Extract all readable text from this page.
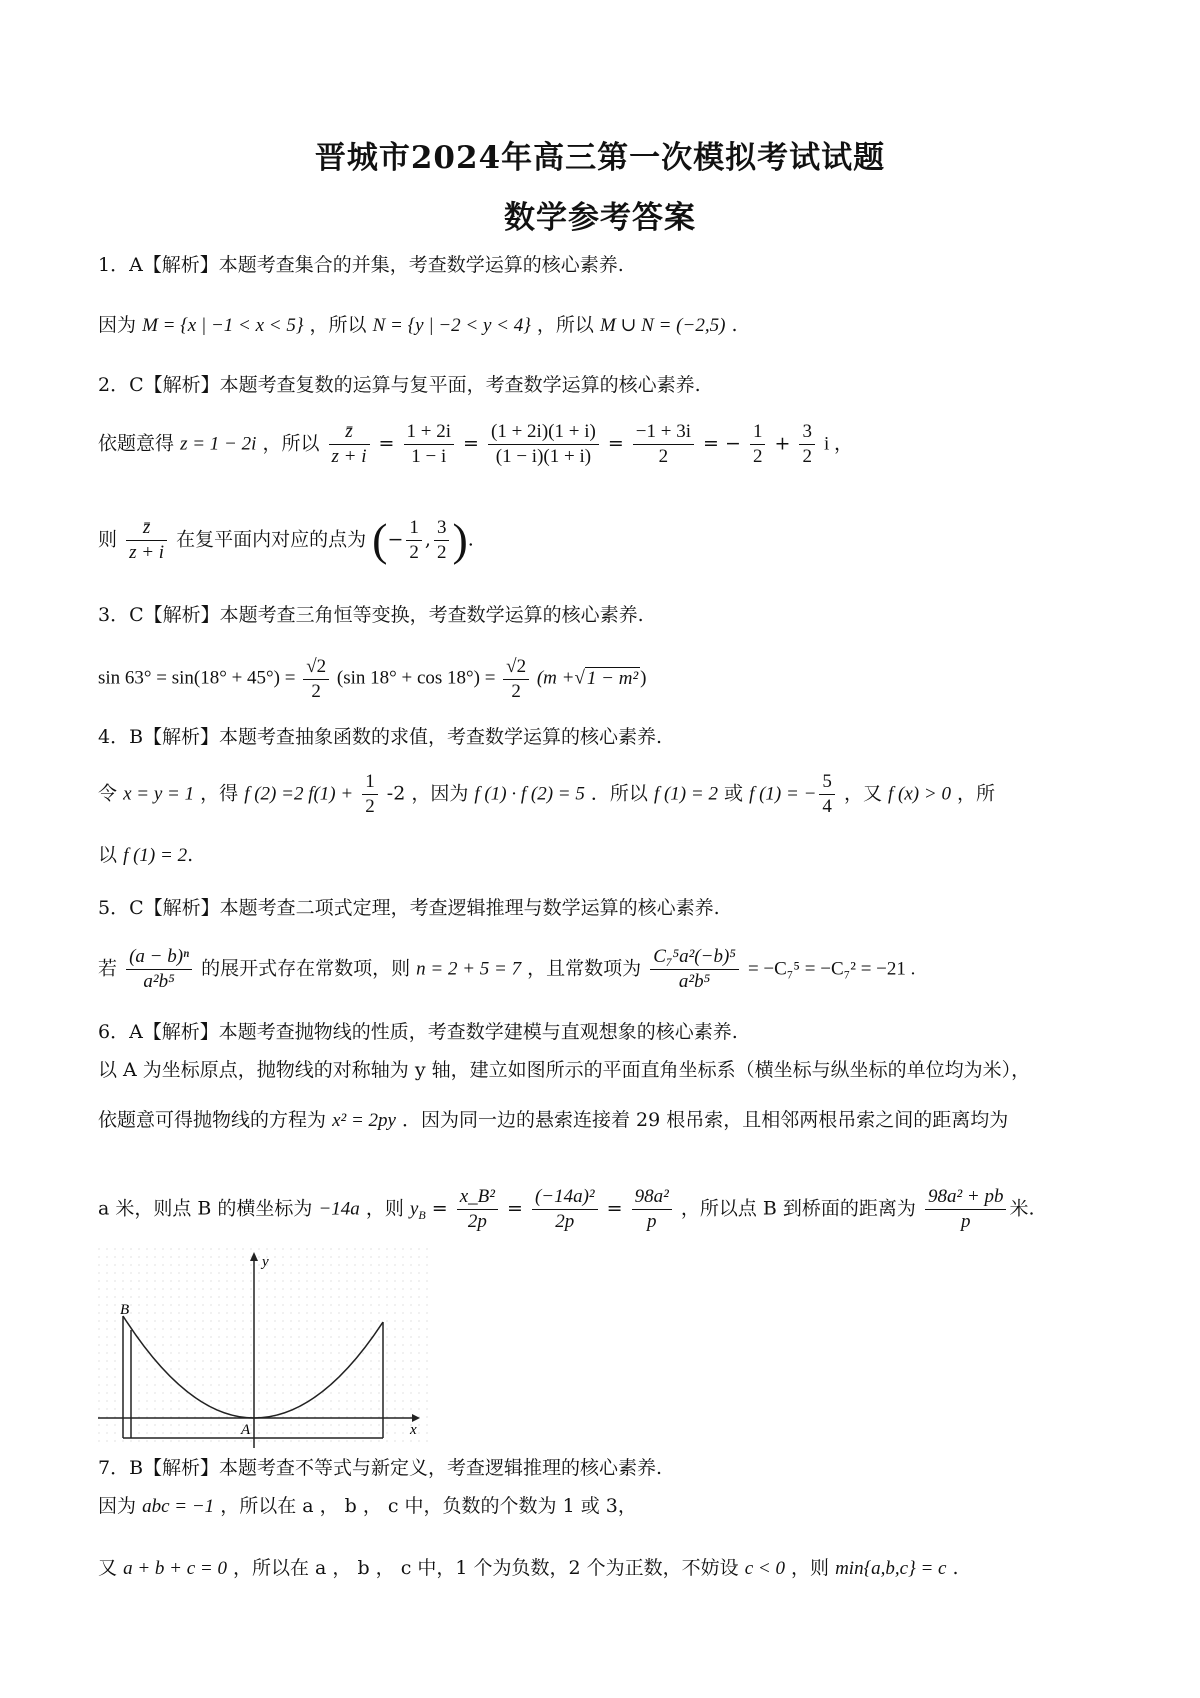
晋城市2024年高三第一次模拟考试试题
数学参考答案
1．A【解析】本题考查集合的并集，考查数学运算的核心素养.
因为 M = {x | −1 < x < 5} ，所以 N = {y | −2 < y < 4} ，所以 M ∪ N = (−2,5) .
2．C【解析】本题考查复数的运算与复平面，考查数学运算的核心素养.
依题意得 z = 1 − 2i ，所以 $\frac{z̄}{z + i} = \frac{1 + 2i}{1 - i} = \frac{(1 + 2i)(1 + i)}{(1 - i)(1 + i)} = \frac{-1 + 3i}{2}$ = − $\frac{1}{2} + \frac{3}{2}$ i ，
则 $\frac{z̄}{z + i}$ 在复平面内对应的点为 (− $\frac{1}{2}$ , $\frac{3}{2}$ ).
3．C【解析】本题考查三角恒等变换，考查数学运算的核心素养.
$\sin 63^\circ = \sin(18^\circ + 45^\circ) = \frac{√2}{2} (\sin$ $18^\circ + \cos 18^\circ) = \frac{√2}{2} (m$ +√ 1 − m² )
4．B【解析】本题考查抽象函数的求值，考查数学运算的核心素养.
令 x = y = 1 ，得 f (2) =2 $f(1) + \frac{1}{2} -2$ ，因为 f (1) · f (2) = 5 ．所以 f (1) = 2 或 f (1) = − $\frac{5}{4}$ ，又 f (x) > 0 ，所
以 f (1) = 2.
5．C【解析】本题考查二项式定理，考查逻辑推理与数学运算的核心素养.
若 $\frac{\text{(a − b)ⁿ}}{\text{a²b⁵}}$ 的展开式存在常数项，则 n = 2 + 5 = 7 ，且常数项为 $\frac{\text{C₇⁵a²(−b)⁵}}{\text{a²b⁵}} = -C_7^5 = -C_7^2 = -21$ .
6．A【解析】本题考查抛物线的性质，考查数学建模与直观想象的核心素养.
以 A 为坐标原点，抛物线的对称轴为 y 轴，建立如图所示的平面直角坐标系（横坐标与纵坐标的单位均为米），
依题意可得抛物线的方程为 x² = 2py ．因为同一边的悬索连接着 29 根吊索，且相邻两根吊索之间的距离均为
a 米，则点 B 的横坐标为 −14a ，则 $y_B = \frac{\text{x\_B²}}{2p} = \frac{\text{(−14a)²}}{2p} = \frac{\text{98a²}}{p}$ ，所以点 B 到桥面的距离为 $\frac{\text{98a² + pb}}{p}$ 米.
B
A	x
y
7．B【解析】本题考查不等式与新定义，考查逻辑推理的核心素养.
因为 abc = −1 ，所以在 a ， b ， c 中，负数的个数为 1 或 3，
又 a + b + c = 0 ，所以在 a ， b ， c 中，1 个为负数，2 个为正数，不妨设 c < 0 ，则 min{a,b,c} = c .
